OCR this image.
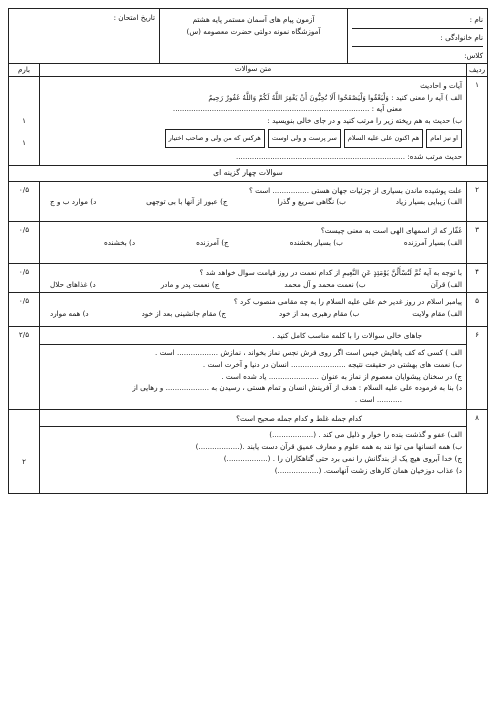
نام :
نام خانوادگی :
کلاس:
آزمون پیام های آسمان مستمر پایه هشتم
آموزشگاه نمونه دولتی حضرت معصومه (س)
تاریخ امتحان :
ردیف
متن سوالات
بارم
۱

آیات و احادیث

الف ) آیه را معنی کنید : وَلْيَعْفُوا وَلْيَصْفَحُوا أَلَا تُحِبُّونَ أَنْ يَغْفِرَ اللَّهُ لَكُمْ وَاللَّهُ غَفُورٌ رَحِيمٌ

معنی آیه : ......................................................................................

ب) حدیث به هم ریخته زیر را مرتب کنید و در جای خالی بنویسید :

او نیز امام
هم اکنون علی علیه السلام
سر پرست و ولی اوست
هرکس که من ولی و صاحب اختیار

حدیث مرتب شده: ..........................................................................

۱
۱
سوالات چهار گزینه ای
۲

علت پوشیده ماندن بسیاری از جزئیات جهان هستی ................ است ؟

الف) زیبایی بسیار زیاد
ب) نگاهی سریع و گذرا
ج) عبور از آنها با بی توجهی
د) موارد ب و ج
۰/۵
۳

غَفّار که از اسمهای الهی است به معنی چیست؟

الف) بسیار آمرزنده
ب) بسیار بخشنده
ج) آمرزنده
د) بخشنده
۰/۵
۴

با توجه به آیه ثُمَّ لَتُسْأَلُنَّ يَوْمَئِذٍ عَنِ النَّعِيمِ از کدام نعمت در روز قیامت سوال خواهد شد ؟

الف) قرآن
ب) نعمت محمد و آل محمد
ج) نعمت پدر و مادر
د) غذاهای حلال
۰/۵
۵

پیامبر اسلام در روز غدیر خم علی علیه السلام را به چه مقامی منصوب کرد ؟

الف) مقام ولایت
ب) مقام رهبری بعد از خود
ج) مقام جانشینی بعد از خود
د) همه موارد
۰/۵
۶

جاهای خالی سوالات را با کلمه مناسب کامل کنید .

الف ) کسی که کف پاهایش خیس است اگر روی فرش نجس نماز بخواند ، نمازش .................. است .

ب) نعمت های بهشتی در حقیقت نتیجه ........................ انسان در دنیا و آخرت است .

ج) در سخنان پیشوایان معصوم از نماز به عنوان ...................... یاد شده است .

د) بنا به فرموده علی علیه السلام : هدف از آفرینش انسان و تمام هستی ، رسیدن به ................... و رهایی از

........... است .

۲/۵
۸

کدام جمله غلط و کدام جمله صحیح است؟

الف) عفو و گذشت بنده را خوار و ذلیل می کند . (..................)

ب) همه انسانها می توا نند به همه علوم و معارف عمیق قرآن دست یابند .(..................)

ج) خدا آبروی هیچ یک از بندگانش را نمی برد حتی گناهکاران را . (..................)

د) عذاب دوزخیان همان کارهای زشت آنهاست. (..................)

۲
